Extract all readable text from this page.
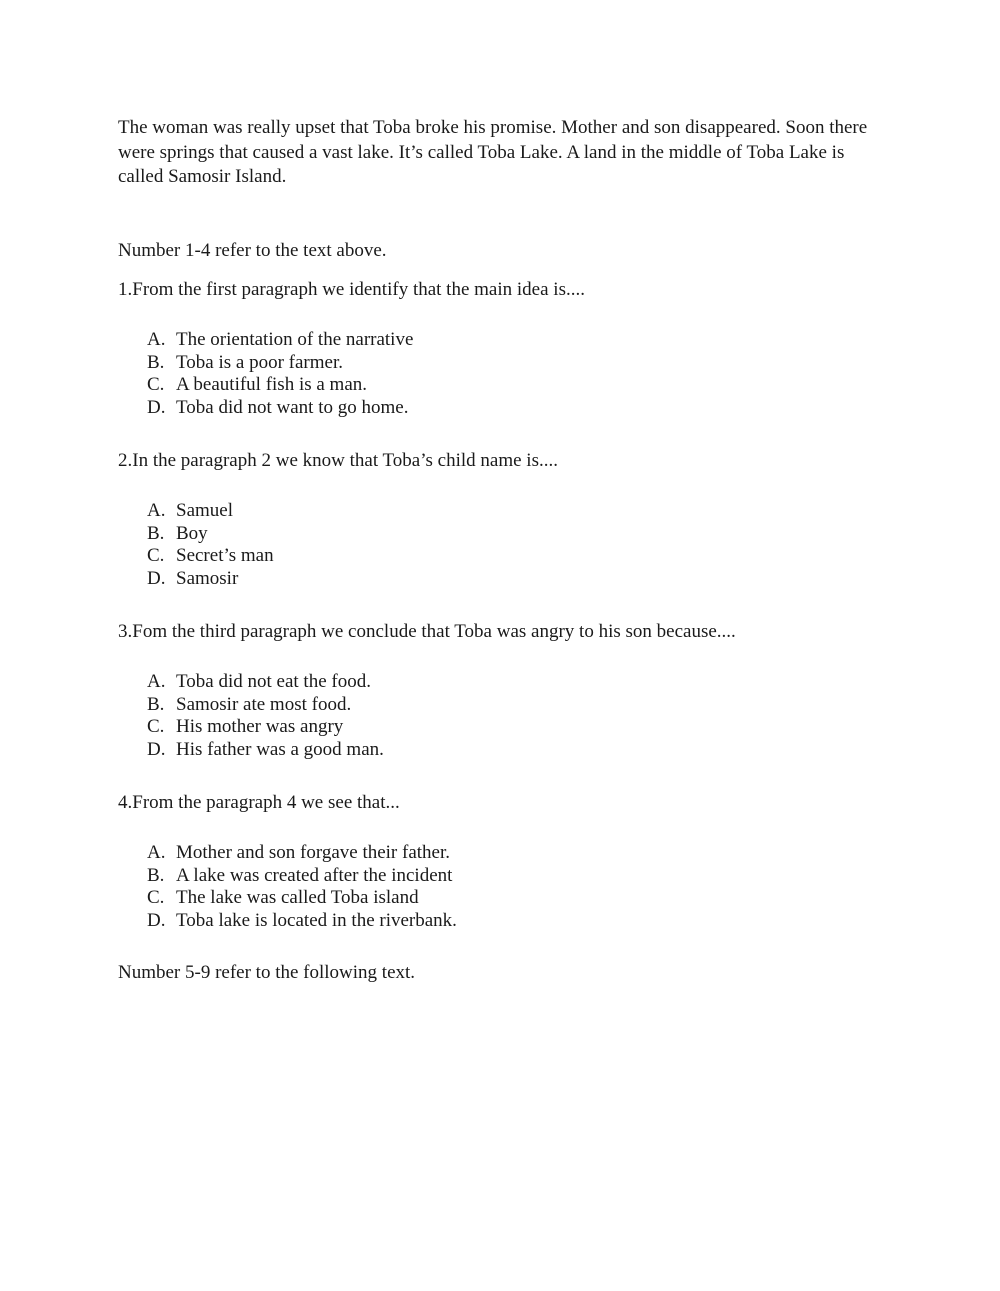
The woman was really upset that Toba broke his promise. Mother and son disappeared. Soon there were springs that caused a vast lake. It’s called Toba Lake. A land in the middle of Toba Lake is called Samosir Island.

Number 1-4 refer to the text above.

1.From the first paragraph we identify that the main idea is....

A. The orientation of the narrative
B. Toba is a poor farmer.
C. A beautiful fish is a man.
D. Toba did not want to go home.

2.In the paragraph 2 we know that Toba’s child name is....

A. Samuel
B. Boy
C. Secret’s man
D. Samosir

3.Fom the third paragraph we conclude that Toba was angry to his son because....

A. Toba did not eat the food.
B. Samosir ate most food.
C. His mother was angry
D. His father was a good man.

4.From the paragraph 4 we see that...

A. Mother and son forgave their father.
B. A lake was created after the incident
C. The lake was called Toba island
D. Toba lake is located in the riverbank.

Number 5-9 refer to the following text.
